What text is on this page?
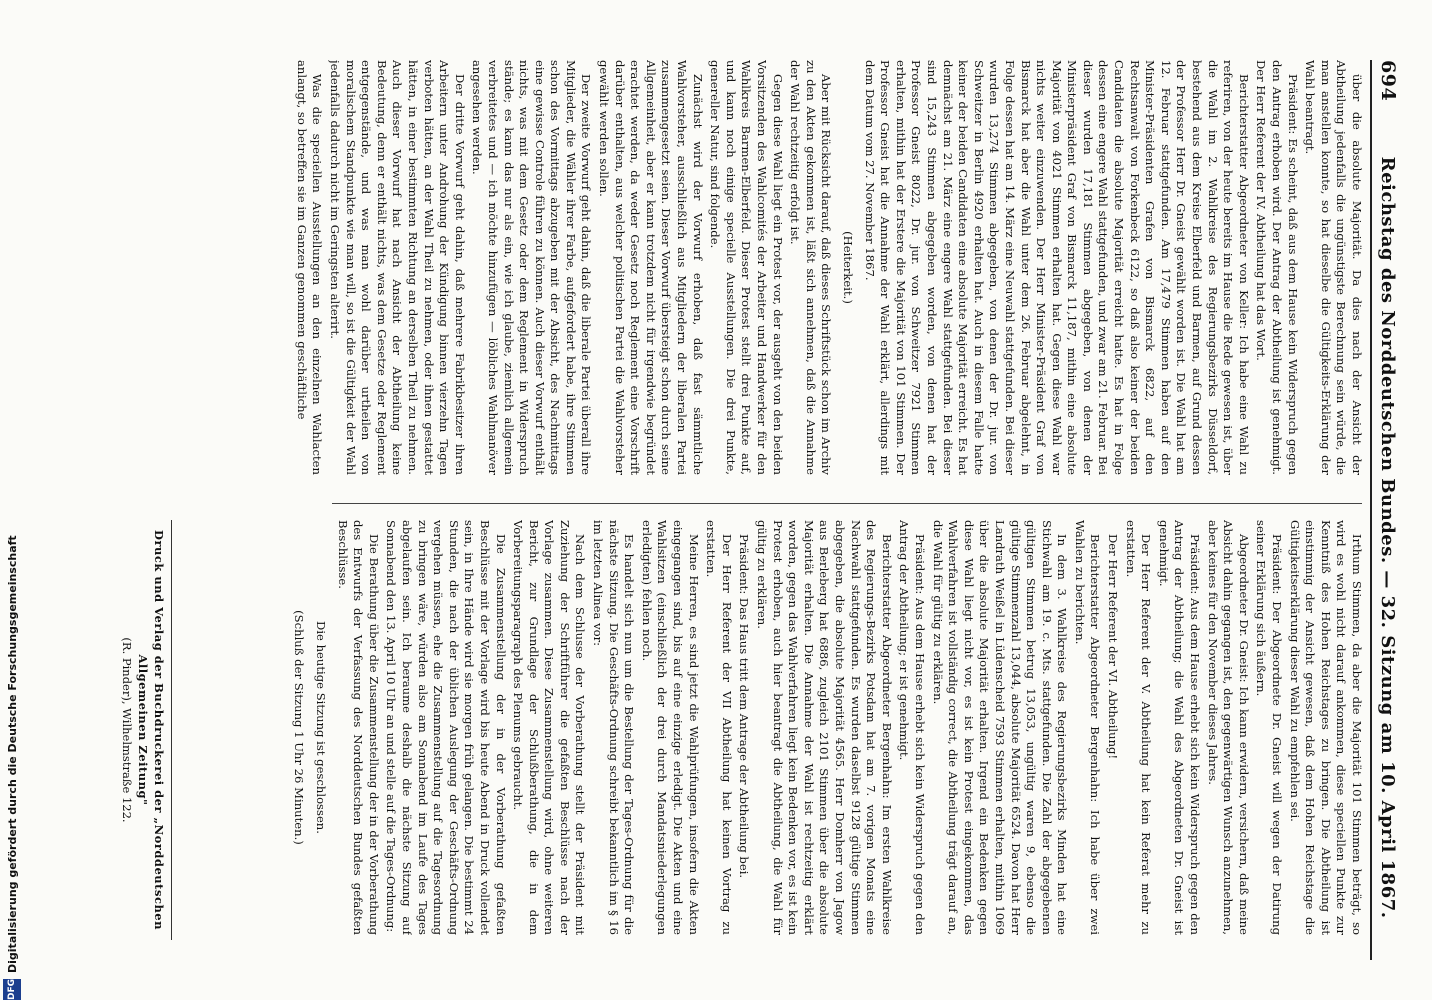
694
Reichstag des Norddeutschen Bundes. — 32. Sitzung am 10. April 1867.

über die absolute Majorität. Da dies nach der Ansicht der Abtheilung jedenfalls die ungünstigste Berechnung sein würde, die man anstellen konnte, so hat dieselbe die Gültigkeits-Erklärung der Wahl beantragt.

Präsident: Es scheint, daß aus dem Hause kein Widerspruch gegen den Antrag erhoben wird. Der Antrag der Abtheilung ist genehmigt. Der Herr Referent der IV. Abtheilung hat das Wort.

Berichterstatter Abgeordneter von Keller: Ich habe eine Wahl zu referiren, von der heute bereits im Hause die Rede gewesen ist, über die Wahl im 2. Wahlkreise des Regierungsbezirks Düsseldorf, bestehend aus dem Kreise Elberfeld und Barmen, auf Grund dessen der Professor Herr Dr. Gneist gewählt worden ist. Die Wahl hat am 12. Februar stattgefunden. Am 17,479 Stimmen haben auf den Minister-Präsidenten Grafen von Bismarck 6822, auf den Rechtsanwalt von Forkenbeck 6122, so daß also keiner der beiden Candidaten die absolute Majorität erreicht hatte. Es hat in Folge dessen eine engere Wahl stattgefunden, und zwar am 21. Februar. Bei dieser wurden 17,181 Stimmen abgegeben, von denen der Ministerpräsident Graf von Bismarck 11,187, mithin eine absolute Majorität von 4021 Stimmen erhalten hat. Gegen diese Wahl war nichts weiter einzuwenden. Der Herr Minister-Präsident Graf von Bismarck hat aber die Wahl unter dem 26. Februar abgelehnt, in Folge dessen hat am 14. März eine Neuwahl stattgefunden. Bei dieser wurden 13,274 Stimmen abgegeben, von denen der Dr. jur. von Schweitzer in Berlin 4920 erhalten hat. Auch in diesem Falle hatte keiner der beiden Candidaten eine absolute Majorität erreicht. Es hat demnächst am 21. März eine engere Wahl stattgefunden. Bei dieser sind 15,243 Stimmen abgegeben worden, von denen hat der Professor Gneist 8022, Dr. jur. von Schweitzer 7921 Stimmen erhalten, mithin hat der Erstere die Majorität von 101 Stimmen. Der Professor Gneist hat die Annahme der Wahl erklärt, allerdings mit dem Datum vom 27. November 1867.

(Heiterkeit.)

Aber mit Rücksicht darauf, daß dieses Schriftstück schon im Archiv zu den Akten gekommen ist, läßt sich annehmen, daß die Annahme der Wahl rechtzeitig erfolgt ist.

Gegen diese Wahl liegt ein Protest vor, der ausgeht von den beiden Vorsitzenden des Wahlcomités der Arbeiter und Handwerker für den Wahlkreis Barmen-Elberfeld. Dieser Protest stellt drei Punkte auf, und kann noch einige specielle Ausstellungen. Die drei Punkte, genereller Natur, sind folgende.

Zunächst wird der Vorwurf erhoben, daß fast sämmtliche Wahlvorsteher, ausschließlich aus Mitgliedern der liberalen Partei zusammengesetzt seien. Dieser Vorwurf übersteigt schon durch seine Allgemeinheit, aber er kann trotzdem nicht für irgendwie begründet erachtet werden, da weder Gesetz noch Reglement eine Vorschrift darüber enthalten, aus welcher politischen Partei die Wahlvorsteher gewählt werden sollen.

Der zweite Vorwurf geht dahin, daß die liberale Partei überall ihre Mitglieder, die Wähler ihrer Farbe, aufgefordert habe, ihre Stimmen schon des Vormittags abzugeben mit der Absicht, des Nachmittags eine gewisse Controle führen zu können. Auch dieser Vorwurf enthält nichts, was mit dem Gesetz oder dem Reglement in Widerspruch stände; es kann das nur als ein, wie ich glaube, ziemlich allgemein verbreitetes und — ich möchte hinzufügen — löbliches Wahlmanöver angesehen werden.

Der dritte Vorwurf geht dahin, daß mehrere Fabrikbesitzer ihren Arbeitern unter Androhung der Kündigung binnen vierzehn Tagen verboten hätten, an der Wahl Theil zu nehmen, oder ihnen gestattet hätten, in einer bestimmten Richtung an derselben Theil zu nehmen. Auch dieser Vorwurf hat nach Ansicht der Abtheilung keine Bedeutung, denn er enthält nichts, was dem Gesetze oder Reglement entgegenstände, und was man wohl darüber urtheilen von moralischem Standpunkte wie man will, so ist die Gültigkeit der Wahl jedenfalls dadurch nicht im Geringsten alterirt.

Was die speciellen Ausstellungen an den einzelnen Wahlacten anlangt, so betreffen sie im Ganzen genommen geschäftliche

Irthum Stimmen, da aber die Majorität 101 Stimmen beträgt, so wird es wohl nicht darauf ankommen, diese speciellen Punkte zur Kenntniß des Hohen Reichstages zu bringen. Die Abtheilung ist einstimmig der Ansicht gewesen, daß dem Hohen Reichstage die Gültigkeitserklärung dieser Wahl zu empfehlen sei.

Präsident: Der Abgeordnete Dr. Gneist will wegen der Datirung seiner Erklärung sich äußern.

Abgeordneter Dr. Gneist: Ich kann erwidern, versichern, daß meine Absicht dahin gegangen ist, den gegenwärtigen Wunsch anzunehmen, aber keines für den November dieses Jahres.

Präsident: Aus dem Hause erhebt sich kein Widerspruch gegen den Antrag der Abtheilung; die Wahl des Abgeordneten Dr. Gneist ist genehmigt.

Der Herr Referent der V. Abtheilung hat kein Referat mehr zu erstatten.

Der Herr Referent der VI. Abtheilung!

Berichterstatter Abgeordneter Bergenhahn: Ich habe über zwei Wahlen zu berichten.

In dem 3. Wahlkreise des Regierungsbezirks Minden hat eine Stichwahl am 19. c. Mts. stattgefunden. Die Zahl der abgegebenen gültigen Stimmen betrug 13,053, ungültig waren 9, ebenso die gültige Stimmenzahl 13,044, absolute Majorität 6524. Davon hat Herr Landrath Weißel in Lüdenscheid 7593 Stimmen erhalten, mithin 1069 über die absolute Majorität erhalten. Irgend ein Bedenken gegen diese Wahl liegt nicht vor, es ist kein Protest eingekommen, das Wahlverfahren ist vollständig correct, die Abtheilung trägt darauf an, die Wahl für gültig zu erklären.

Präsident: Aus dem Hause erhebt sich kein Widerspruch gegen den Antrag der Abtheilung; er ist genehmigt.

Berichterstatter Abgeordneter Bergenhahn: Im ersten Wahlkreise des Regierungs-Bezirks Potsdam hat am 7. vorigen Monats eine Nachwahl stattgefunden. Es wurden daselbst 9128 gültige Stimmen abgegeben, die absolute Majorität 4565. Herr Domherr von Jagow aus Berleberg hat 6886, zugleich 2101 Stimmen über die absolute Majorität erhalten. Die Annahme der Wahl ist rechtzeitig erklärt worden, gegen das Wahlverfahren liegt kein Bedenken vor, es ist kein Protest erhoben, auch hier beantragt die Abtheilung, die Wahl für gültig zu erklären.

Präsident: Das Haus tritt dem Antrage der Abtheilung bei.

Der Herr Referent der VII Abtheilung hat keinen Vortrag zu erstatten.

Meine Herren, es sind jetzt die Wahlprüfungen, insofern die Akten eingegangen sind, bis auf eine einzige erledigt. Die Akten und eine Wahlsitzen (einschließlich der drei durch Mandatsniederlegungen erledigten) fehlen noch.

Es handelt sich nun um die Bestellung der Tages-Ordnung für die nächste Sitzung. Die Geschäfts-Ordnung schreibt bekanntlich im § 16 im letzten Alinea vor:

Nach dem Schlusse der Vorberathung stellt der Präsident mit Zuziehung der Schriftführer die gefaßten Beschlüsse nach der Vorlage zusammen. Diese Zusammenstellung wird, ohne weiteren Bericht, zur Grundlage der Schlußberathung, die in dem Vorbereitungsparagraph des Plenums gebraucht.

Die Zusammenstellung der in der Vorberathung gefaßten Beschlüsse mit der Vorlage wird bis heute Abend in Druck vollendet sein, in Ihre Hände wird sie morgen früh gelangen. Die bestimmt 24 Stunden, die nach der üblichen Auslegung der Geschäfts-Ordnung vergehen müssen, ehe die Zusammenstellung auf die Tagesordnung zu bringen wäre, würden also am Sonnabend im Laufe des Tages abgelaufen sein. Ich beraume deshalb die nächste Sitzung auf Sonnabend den 13. April 10 Uhr an und stelle auf die Tages-Ordnung:

Die Berathung über die Zusammenstellung der in der Vorberathung des Entwurfs der Verfassung des Norddeutschen Bundes gefaßten Beschlüsse.

Die heutige Sitzung ist geschlossen.

(Schluß der Sitzung 1 Uhr 26 Minuten.)

Druck und Verlag der Buchdruckerei der „Norddeutschen Allgemeinen Zeitung"
(R. Pinder), Wilhelmstraße 122.
DFG
Digitalisierung gefördert durch die Deutsche Forschungsgemeinschaft
